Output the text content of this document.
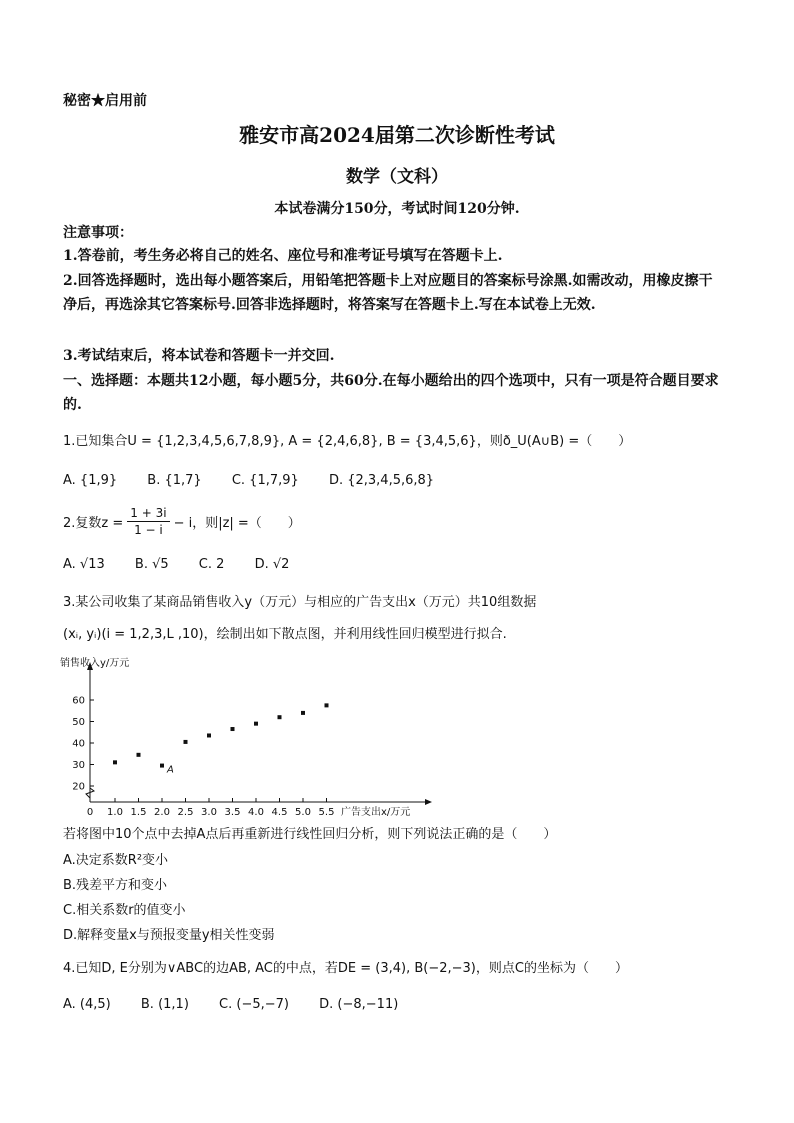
秘密★启用前
雅安市高2024届第二次诊断性考试
数学（文科）
本试卷满分150分，考试时间120分钟.
注意事项：
1.答卷前，考生务必将自己的姓名、座位号和准考证号填写在答题卡上.
2.回答选择题时，选出每小题答案后，用铅笔把答题卡上对应题目的答案标号涂黑.如需改动，用橡皮擦干净后，再选涂其它答案标号.回答非选择题时，将答案写在答题卡上.写在本试卷上无效.
3.考试结束后，将本试卷和答题卡一并交回.
一、选择题：本题共12小题，每小题5分，共60分.在每小题给出的四个选项中，只有一项是符合题目要求的.
1.已知集合U = {1,2,3,4,5,6,7,8,9}, A = {2,4,6,8}, B = {3,4,5,6}，则ð_U(A∪B) =（　　）
A. {1,9} B. {1,7} C. {1,7,9} D. {2,3,4,5,6,8}
2.复数$z = \frac{1 + 3i}{1 - i} - i$，则|z| =（　　）
A. √13 B. √5 C. 2 D. √2
3.某公司收集了某商品销售收入y（万元）与相应的广告支出x（万元）共10组数据
(xᵢ, yᵢ)(i = 1,2,3,L ,10)，绘制出如下散点图，并利用线性回归模型进行拟合.
20
30
40
50
60
0 1.0 1.5 2.0 2.5 3.0 3.5 4.0 4.5 5.0 5.5
销售收入y/万元
广告支出x/万元
A
若将图中10个点中去掉A点后再重新进行线性回归分析，则下列说法正确的是（　　）
A.决定系数R²变小
B.残差平方和变小
C.相关系数r的值变小
D.解释变量x与预报变量y相关性变弱
4.已知D, E分别为∨ABC的边AB, AC的中点，若DE = (3,4), B(−2,−3)，则点C的坐标为（　　）
A. (4,5) B. (1,1) C. (−5,−7) D. (−8,−11)
